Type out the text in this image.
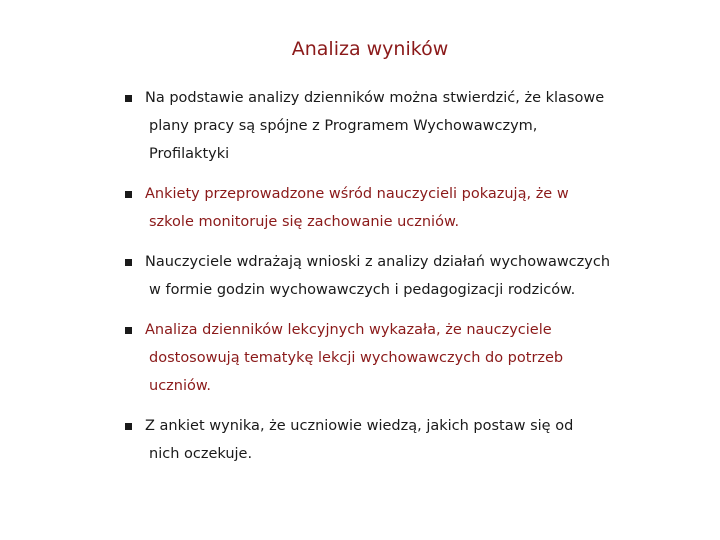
Analiza wyników
Na podstawie analizy dzienników można stwierdzić, że klasowe
plany pracy są spójne z Programem Wychowawczym,
Profilaktyki
Ankiety przeprowadzone wśród nauczycieli pokazują, że w
szkole monitoruje się zachowanie uczniów.
Nauczyciele wdrażają wnioski z analizy działań wychowawczych
w formie godzin wychowawczych i pedagogizacji rodziców.
Analiza dzienników lekcyjnych wykazała, że nauczyciele
dostosowują tematykę lekcji wychowawczych do potrzeb
uczniów.
Z ankiet wynika, że uczniowie wiedzą, jakich postaw się od
nich oczekuje.
